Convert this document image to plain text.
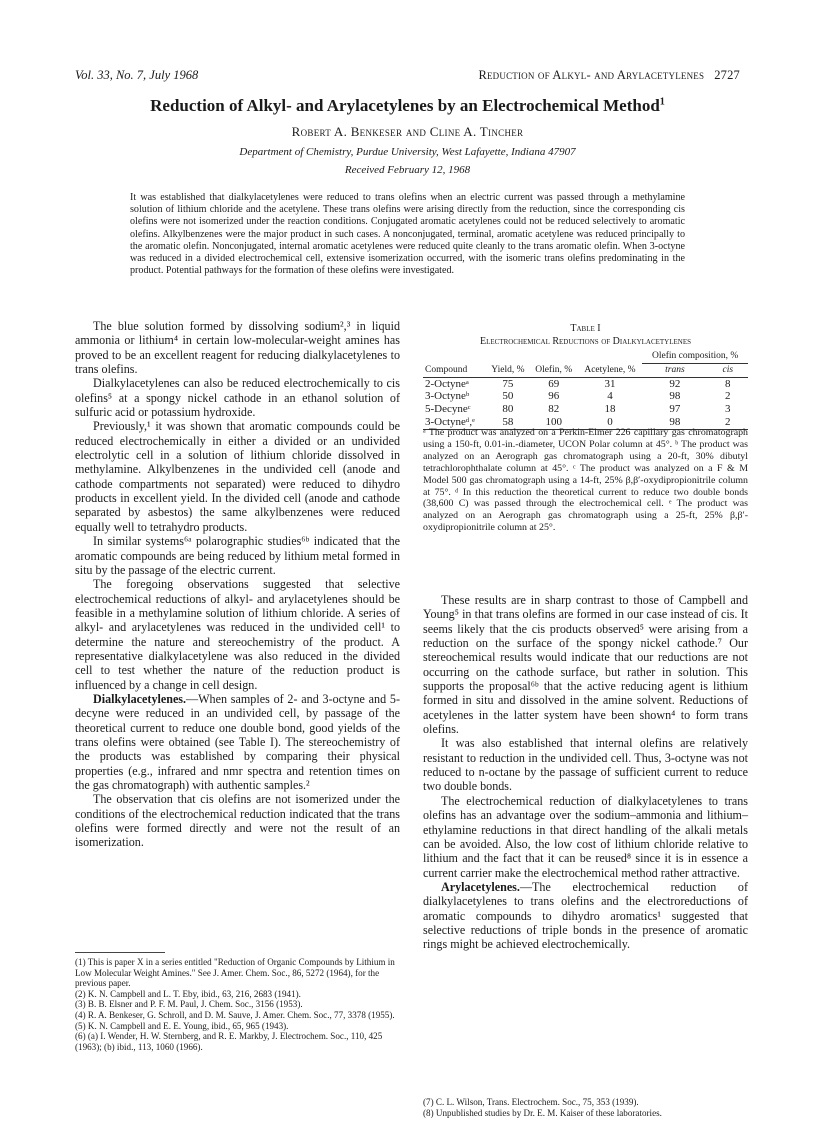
Vol. 33, No. 7, July 1968	Reduction of Alkyl- and Arylacetylenes 2727
Reduction of Alkyl- and Arylacetylenes by an Electrochemical Method$^1$
Robert A. Benkeser and Cline A. Tincher
Department of Chemistry, Purdue University, West Lafayette, Indiana 47907
Received February 12, 1968
It was established that dialkylacetylenes were reduced to trans olefins when an electric current was passed through a methylamine solution of lithium chloride and the acetylene. These trans olefins were arising directly from the reduction, since the corresponding cis olefins were not isomerized under the reaction conditions. Conjugated aromatic acetylenes could not be reduced selectively to aromatic olefins. Alkylbenzenes were the major product in such cases. A nonconjugated, terminal, aromatic acetylene was reduced principally to the aromatic olefin. Nonconjugated, internal aromatic acetylenes were reduced quite cleanly to the trans aromatic olefin. When 3-octyne was reduced in a divided electrochemical cell, extensive isomerization occurred, with the isomeric trans olefins predominating in the product. Potential pathways for the formation of these olefins were investigated.

The blue solution formed by dissolving sodium²,³ in liquid ammonia or lithium⁴ in certain low-molecular-weight amines has proved to be an excellent reagent for reducing dialkylacetylenes to trans olefins.

Dialkylacetylenes can also be reduced electrochemically to cis olefins⁵ at a spongy nickel cathode in an ethanol solution of sulfuric acid or potassium hydroxide.

Previously,¹ it was shown that aromatic compounds could be reduced electrochemically in either a divided or an undivided electrolytic cell in a solution of lithium chloride dissolved in methylamine. Alkylbenzenes in the undivided cell (anode and cathode compartments not separated) were reduced to dihydro products in excellent yield. In the divided cell (anode and cathode separated by asbestos) the same alkylbenzenes were reduced equally well to tetrahydro products.

In similar systems⁶ᵃ polarographic studies⁶ᵇ indicated that the aromatic compounds are being reduced by lithium metal formed in situ by the passage of the electric current.

The foregoing observations suggested that selective electrochemical reductions of alkyl- and arylacetylenes should be feasible in a methylamine solution of lithium chloride. A series of alkyl- and arylacetylenes was reduced in the undivided cell¹ to determine the nature and stereochemistry of the product. A representative dialkylacetylene was also reduced in the divided cell to test whether the nature of the reduction product is influenced by a change in cell design.

Dialkylacetylenes.—When samples of 2- and 3-octyne and 5-decyne were reduced in an undivided cell, by passage of the theoretical current to reduce one double bond, good yields of the trans olefins were obtained (see Table I). The stereochemistry of the products was established by comparing their physical properties (e.g., infrared and nmr spectra and retention times on the gas chromatograph) with authentic samples.²

The observation that cis olefins are not isomerized under the conditions of the electrochemical reduction indicated that the trans olefins were formed directly and were not the result of an isomerization.

(1) This is paper X in a series entitled "Reduction of Organic Compounds by Lithium in Low Molecular Weight Amines." See J. Amer. Chem. Soc., 86, 5272 (1964), for the previous paper.
(2) K. N. Campbell and L. T. Eby, ibid., 63, 216, 2683 (1941).
(3) B. B. Elsner and P. F. M. Paul, J. Chem. Soc., 3156 (1953).
(4) R. A. Benkeser, G. Schroll, and D. M. Sauve, J. Amer. Chem. Soc., 77, 3378 (1955).
(5) K. N. Campbell and E. E. Young, ibid., 65, 965 (1943).
(6) (a) I. Wender, H. W. Sternberg, and R. E. Markby, J. Electrochem. Soc., 110, 425 (1963); (b) ibid., 113, 1060 (1966).
Table I
Electrochemical Reductions of Dialkylacetylenes
				Olefin composition, %	
Compound	Yield, %	Olefin, %	Acetylene, %	trans	cis
2-Octyneᵃ	75	69	31	92	8
3-Octyneᵇ	50	96	4	98	2
5-Decyneᶜ	80	82	18	97	3
3-Octyneᵈ,ᵉ	58	100	0	98	2
ᵃ The product was analyzed on a Perkin-Elmer 226 capillary gas chromatograph using a 150-ft, 0.01-in.-diameter, UCON Polar column at 45°. ᵇ The product was analyzed on an Aerograph gas chromatograph using a 20-ft, 30% dibutyl tetrachlorophthalate column at 45°. ᶜ The product was analyzed on a F & M Model 500 gas chromatograph using a 14-ft, 25% β,β′-oxydipropionitrile column at 75°. ᵈ In this reduction the theoretical current to reduce two double bonds (38,600 C) was passed through the electrochemical cell. ᵉ The product was analyzed on an Aerograph gas chromatograph using a 25-ft, 25% β,β′-oxydipropionitrile column at 25°.

These results are in sharp contrast to those of Campbell and Young⁵ in that trans olefins are formed in our case instead of cis. It seems likely that the cis products observed⁵ were arising from a reduction on the surface of the spongy nickel cathode.⁷ Our stereochemical results would indicate that our reductions are not occurring on the cathode surface, but rather in solution. This supports the proposal⁶ᵇ that the active reducing agent is lithium formed in situ and dissolved in the amine solvent. Reductions of acetylenes in the latter system have been shown⁴ to form trans olefins.

It was also established that internal olefins are relatively resistant to reduction in the undivided cell. Thus, 3-octyne was not reduced to n-octane by the passage of sufficient current to reduce two double bonds.

The electrochemical reduction of dialkylacetylenes to trans olefins has an advantage over the sodium–ammonia and lithium–ethylamine reductions in that direct handling of the alkali metals can be avoided. Also, the low cost of lithium chloride relative to lithium and the fact that it can be reused⁸ since it is in essence a current carrier make the electrochemical method rather attractive.

Arylacetylenes.—The electrochemical reduction of dialkylacetylenes to trans olefins and the electroreductions of aromatic compounds to dihydro aromatics¹ suggested that selective reductions of triple bonds in the presence of aromatic rings might be achieved electrochemically.

(7) C. L. Wilson, Trans. Electrochem. Soc., 75, 353 (1939).
(8) Unpublished studies by Dr. E. M. Kaiser of these laboratories.
